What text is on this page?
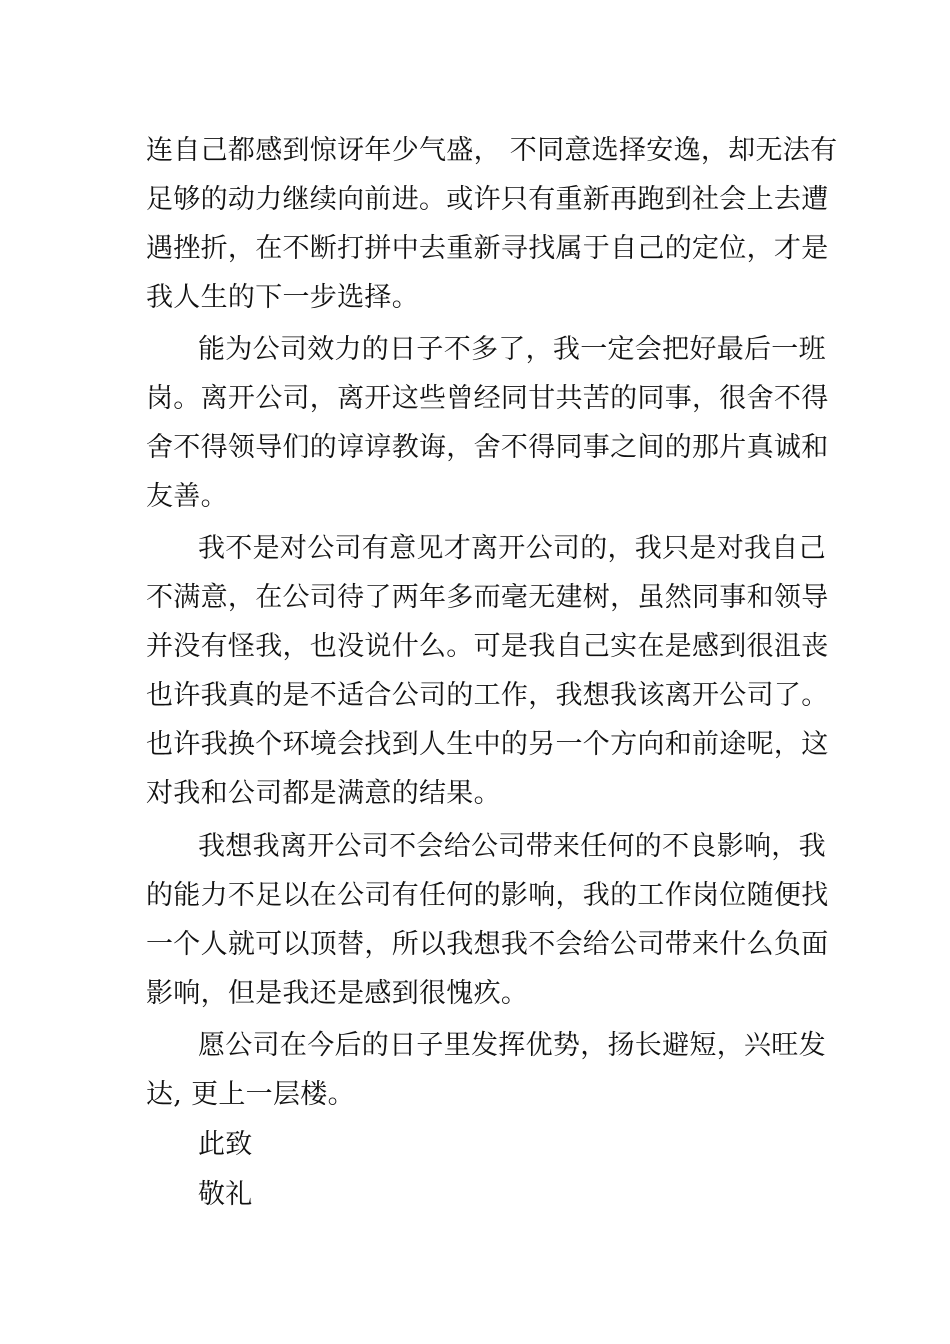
连自己都感到惊讶年少气盛， 不同意选择安逸，却无法有
足够的动力继续向前进。或许只有重新再跑到社会上去遭
遇挫折，在不断打拼中去重新寻找属于自己的定位，才是
我人生的下一步选择。
能为公司效力的日子不多了，我一定会把好最后一班
岗。离开公司，离开这些曾经同甘共苦的同事，很舍不得
舍不得领导们的谆谆教诲，舍不得同事之间的那片真诚和
友善。
我不是对公司有意见才离开公司的，我只是对我自己
不满意，在公司待了两年多而毫无建树，虽然同事和领导
并没有怪我，也没说什么。可是我自己实在是感到很沮丧
也许我真的是不适合公司的工作，我想我该离开公司了。
也许我换个环境会找到人生中的另一个方向和前途呢，这
对我和公司都是满意的结果。
我想我离开公司不会给公司带来任何的不良影响，我
的能力不足以在公司有任何的影响，我的工作岗位随便找
一个人就可以顶替，所以我想我不会给公司带来什么负面
影响，但是我还是感到很愧疚。
愿公司在今后的日子里发挥优势，扬长避短，兴旺发
达, 更上一层楼。
此致
敬礼
